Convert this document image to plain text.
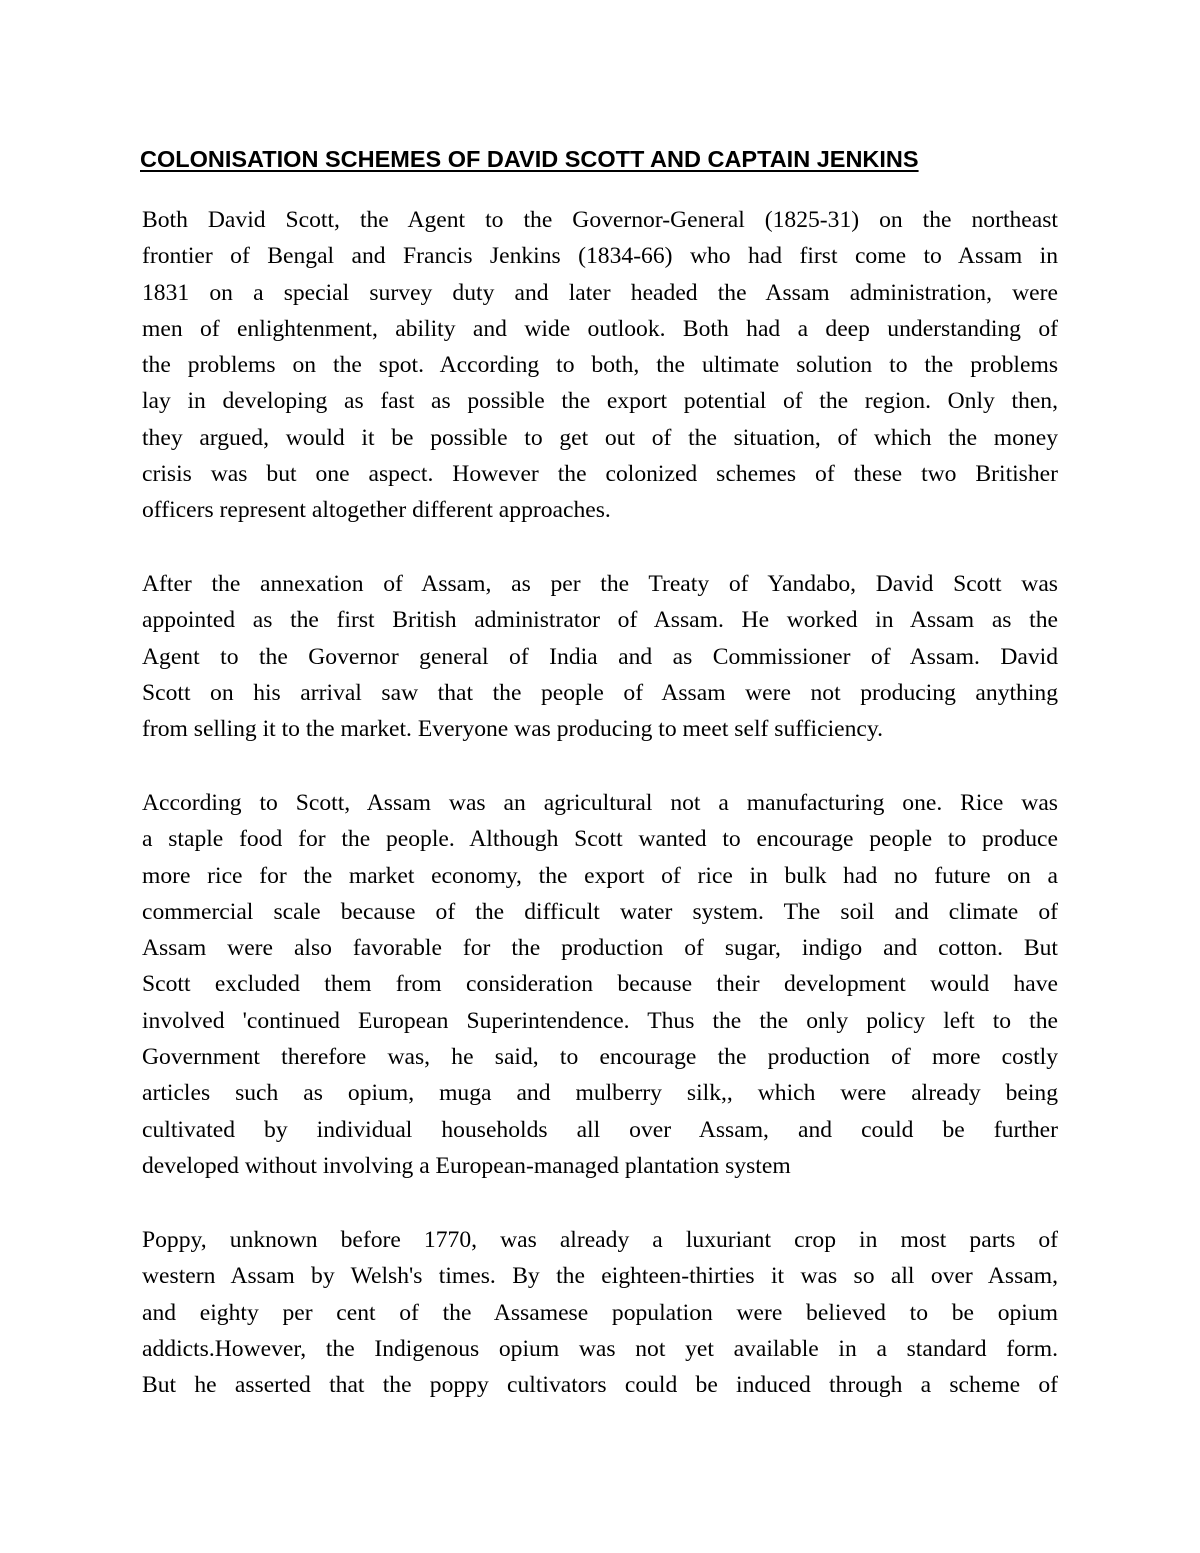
COLONISATION SCHEMES OF DAVID SCOTT AND CAPTAIN JENKINS
Both David Scott, the Agent to the Governor-General (1825-31) on the northeast
frontier of Bengal and Francis Jenkins (1834-66) who had first come to Assam in
1831 on a special survey duty and later headed the Assam administration, were
men of enlightenment, ability and wide outlook. Both had a deep understanding of
the problems on the spot. According to both, the ultimate solution to the problems
lay in developing as fast as possible the export potential of the region. Only then,
they argued, would it be possible to get out of the situation, of which the money
crisis was but one aspect. However the colonized schemes of these two Britisher
officers represent altogether different approaches.
After the annexation of Assam, as per the Treaty of Yandabo, David Scott was
appointed as the first British administrator of Assam. He worked in Assam as the
Agent to the Governor general of India and as Commissioner of Assam. David
Scott on his arrival saw that the people of Assam were not producing anything
from selling it to the market. Everyone was producing to meet self sufficiency.
According to Scott, Assam was an agricultural not a manufacturing one. Rice was
a staple food for the people. Although Scott wanted to encourage people to produce
more rice for the market economy, the export of rice in bulk had no future on a
commercial scale because of the difficult water system. The soil and climate of
Assam were also favorable for the production of sugar, indigo and cotton. But
Scott excluded them from consideration because their development would have
involved 'continued European Superintendence. Thus the the only policy left to the
Government therefore was, he said, to encourage the production of more costly
articles such as opium, muga and mulberry silk,, which were already being
cultivated by individual households all over Assam, and could be further
developed without involving a European-managed plantation system
Poppy, unknown before 1770, was already a luxuriant crop in most parts of
western Assam by Welsh's times. By the eighteen-thirties it was so all over Assam,
and eighty per cent of the Assamese population were believed to be opium
addicts.However, the Indigenous opium was not yet available in a standard form.
But he asserted that the poppy cultivators could be induced through a scheme of
